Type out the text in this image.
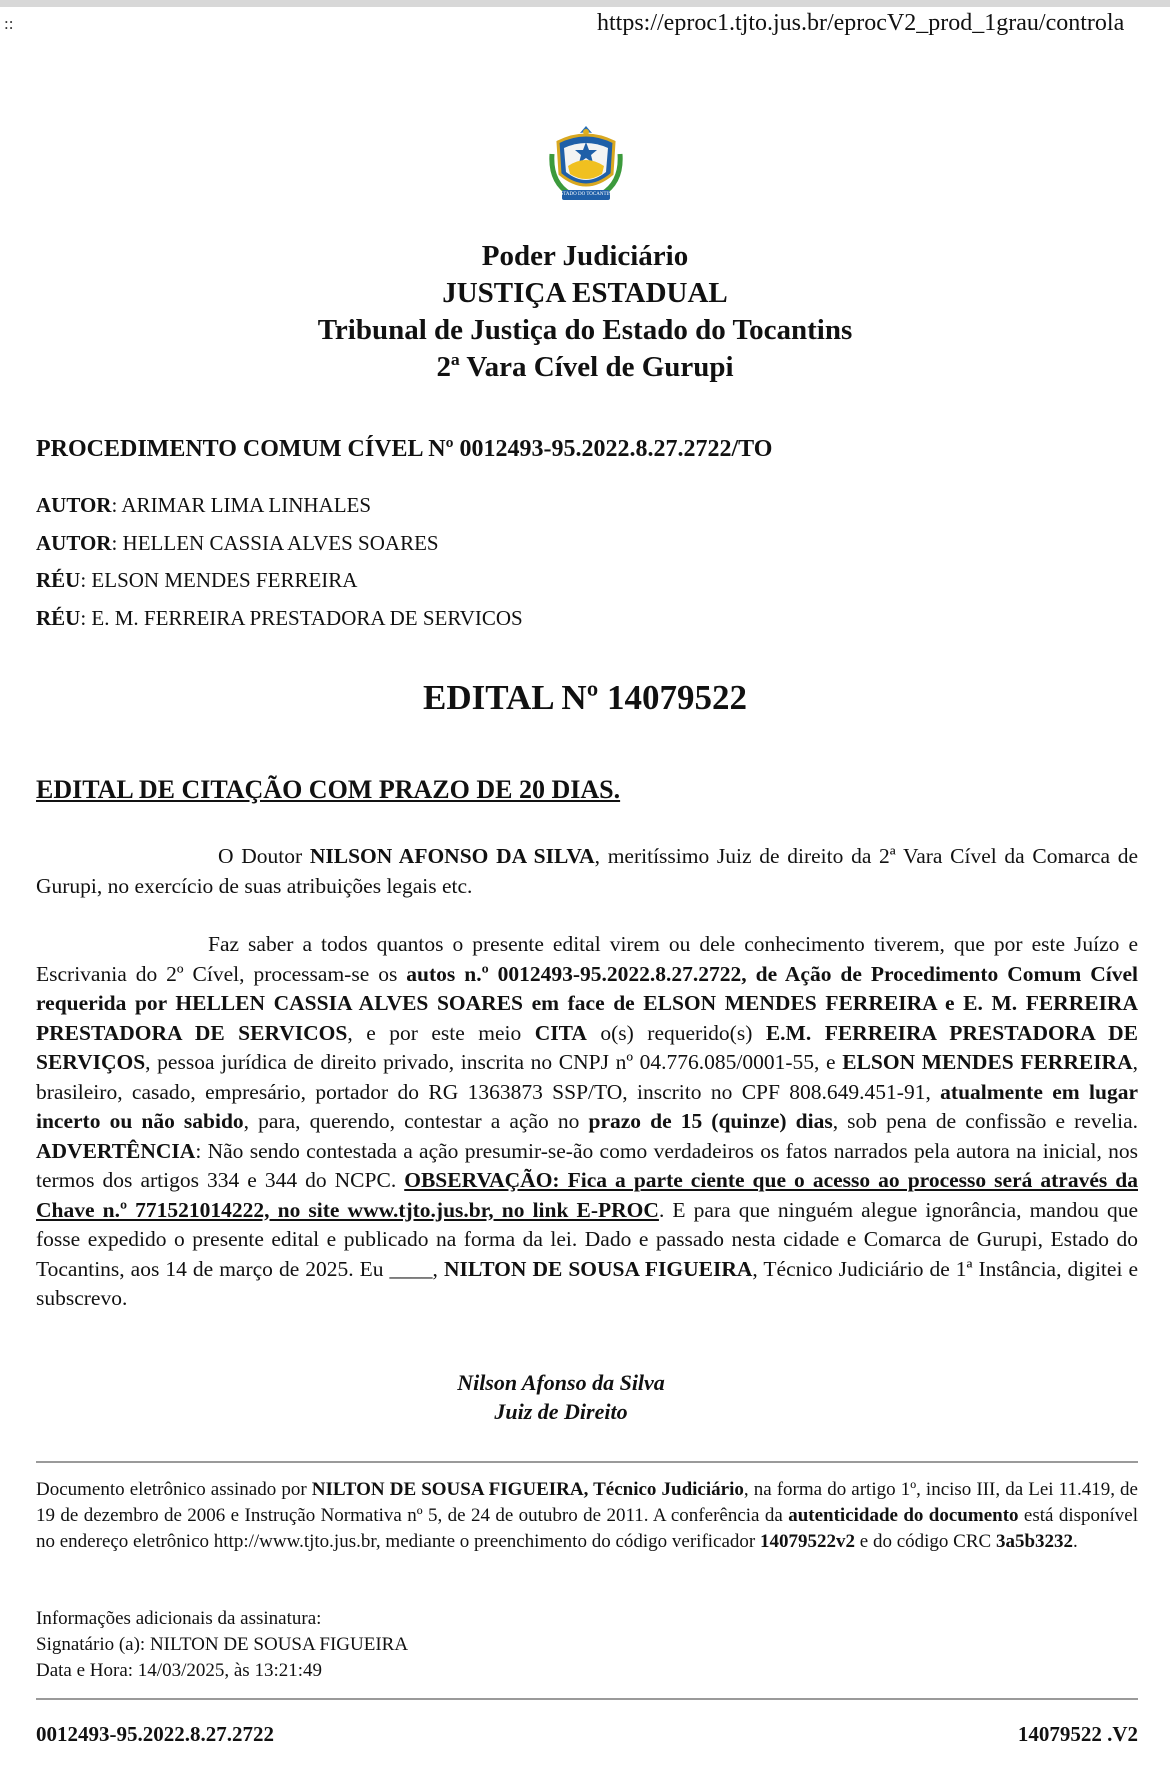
::	https://eproc1.tjto.jus.br/eprocV2_prod_1grau/controla
ESTADO DO TOCANTINS
Poder Judiciário
JUSTIÇA ESTADUAL
Tribunal de Justiça do Estado do Tocantins
2ª Vara Cível de Gurupi
PROCEDIMENTO COMUM CÍVEL Nº 0012493-95.2022.8.27.2722/TO
AUTOR: ARIMAR LIMA LINHALES
AUTOR: HELLEN CASSIA ALVES SOARES
RÉU: ELSON MENDES FERREIRA
RÉU: E. M. FERREIRA PRESTADORA DE SERVICOS
EDITAL Nº 14079522
EDITAL DE CITAÇÃO COM PRAZO DE 20 DIAS.
O Doutor NILSON AFONSO DA SILVA, meritíssimo Juiz de direito da 2ª Vara Cível da Comarca de Gurupi, no exercício de suas atribuições legais etc.
Faz saber a todos quantos o presente edital virem ou dele conhecimento tiverem, que por este Juízo e Escrivania do 2º Cível, processam-se os autos n.º 0012493-95.2022.8.27.2722, de Ação de Procedimento Comum Cível requerida por HELLEN CASSIA ALVES SOARES em face de ELSON MENDES FERREIRA e E. M. FERREIRA PRESTADORA DE SERVICOS, e por este meio CITA o(s) requerido(s) E.M. FERREIRA PRESTADORA DE SERVIÇOS, pessoa jurídica de direito privado, inscrita no CNPJ nº 04.776.085/0001-55, e ELSON MENDES FERREIRA, brasileiro, casado, empresário, portador do RG 1363873 SSP/TO, inscrito no CPF 808.649.451-91, atualmente em lugar incerto ou não sabido, para, querendo, contestar a ação no prazo de 15 (quinze) dias, sob pena de confissão e revelia. ADVERTÊNCIA: Não sendo contestada a ação presumir-se-ão como verdadeiros os fatos narrados pela autora na inicial, nos termos dos artigos 334 e 344 do NCPC. OBSERVAÇÃO: Fica a parte ciente que o acesso ao processo será através da Chave n.º 771521014222, no site www.tjto.jus.br, no link E-PROC. E para que ninguém alegue ignorância, mandou que fosse expedido o presente edital e publicado na forma da lei. Dado e passado nesta cidade e Comarca de Gurupi, Estado do Tocantins, aos 14 de março de 2025. Eu ____, NILTON DE SOUSA FIGUEIRA, Técnico Judiciário de 1ª Instância, digitei e subscrevo.
Nilson Afonso da Silva
Juiz de Direito
Documento eletrônico assinado por NILTON DE SOUSA FIGUEIRA, Técnico Judiciário, na forma do artigo 1º, inciso III, da Lei 11.419, de 19 de dezembro de 2006 e Instrução Normativa nº 5, de 24 de outubro de 2011. A conferência da autenticidade do documento está disponível no endereço eletrônico http://www.tjto.jus.br, mediante o preenchimento do código verificador 14079522v2 e do código CRC 3a5b3232.
Informações adicionais da assinatura:
Signatário (a): NILTON DE SOUSA FIGUEIRA
Data e Hora: 14/03/2025, às 13:21:49
0012493-95.2022.8.27.2722	14079522 .V2
